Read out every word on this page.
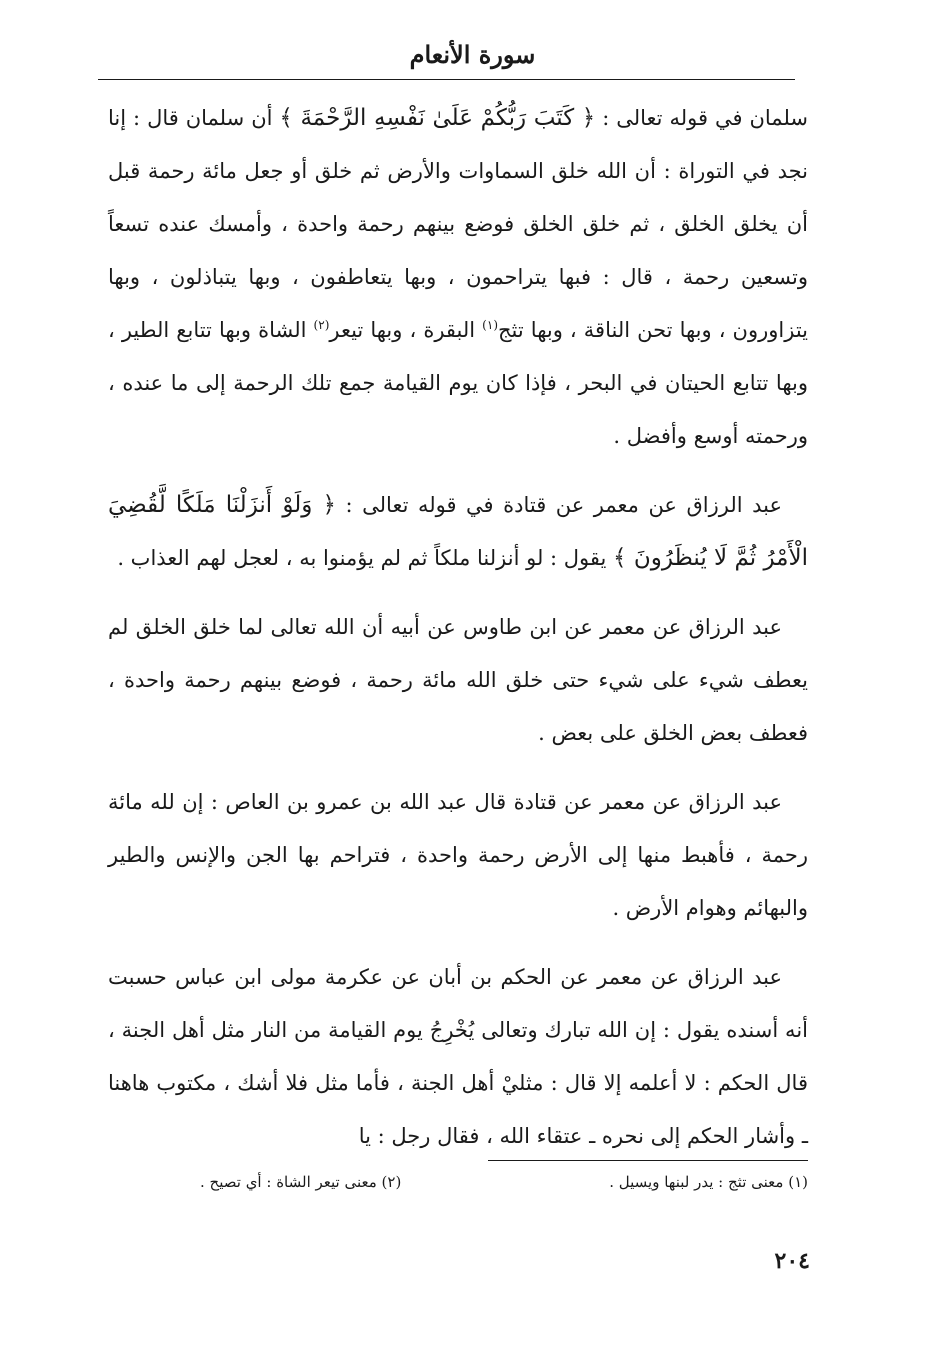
سورة الأنعام

سلمان في قوله تعالى : ﴿ كَتَبَ رَبُّكُمْ عَلَىٰ نَفْسِهِ الرَّحْمَةَ ﴾ أن سلمان قال : إنا نجد في التوراة : أن الله خلق السماوات والأرض ثم خلق أو جعل مائة رحمة قبل أن يخلق الخلق ، ثم خلق الخلق فوضع بينهم رحمة واحدة ، وأمسك عنده تسعاً وتسعين رحمة ، قال : فبها يتراحمون ، وبها يتعاطفون ، وبها يتباذلون ، وبها يتزاورون ، وبها تحن الناقة ، وبها تثج$^{(١)}$ البقرة ، وبها تيعر$^{(٢)}$ الشاة وبها تتابع الطير ، وبها تتابع الحيتان في البحر ، فإذا كان يوم القيامة جمع تلك الرحمة إلى ما عنده ، ورحمته أوسع وأفضل .

عبد الرزاق عن معمر عن قتادة في قوله تعالى : ﴿ وَلَوْ أَنزَلْنَا مَلَكًا لَّقُضِيَ الْأَمْرُ ثُمَّ لَا يُنظَرُونَ ﴾ يقول : لو أنزلنا ملكاً ثم لم يؤمنوا به ، لعجل لهم العذاب .

عبد الرزاق عن معمر عن ابن طاوس عن أبيه أن الله تعالى لما خلق الخلق لم يعطف شيء على شيء حتى خلق الله مائة رحمة ، فوضع بينهم رحمة واحدة ، فعطف بعض الخلق على بعض .

عبد الرزاق عن معمر عن قتادة قال عبد الله بن عمرو بن العاص : إن لله مائة رحمة ، فأهبط منها إلى الأرض رحمة واحدة ، فتراحم بها الجن والإنس والطير والبهائم وهوام الأرض .

عبد الرزاق عن معمر عن الحكم بن أبان عن عكرمة مولى ابن عباس حسبت أنه أسنده يقول : إن الله تبارك وتعالى يُخْرِجُ يوم القيامة من النار مثل أهل الجنة ، قال الحكم : لا أعلمه إلا قال : مثليْ أهل الجنة ، فأما مثل فلا أشك ، مكتوب هاهنا ـ وأشار الحكم إلى نحره ـ عتقاء الله ، فقال رجل : يا

(١) معنى تثج : يدر لبنها ويسيل .
(٢) معنى تيعر الشاة : أي تصيح .
٢٠٤
